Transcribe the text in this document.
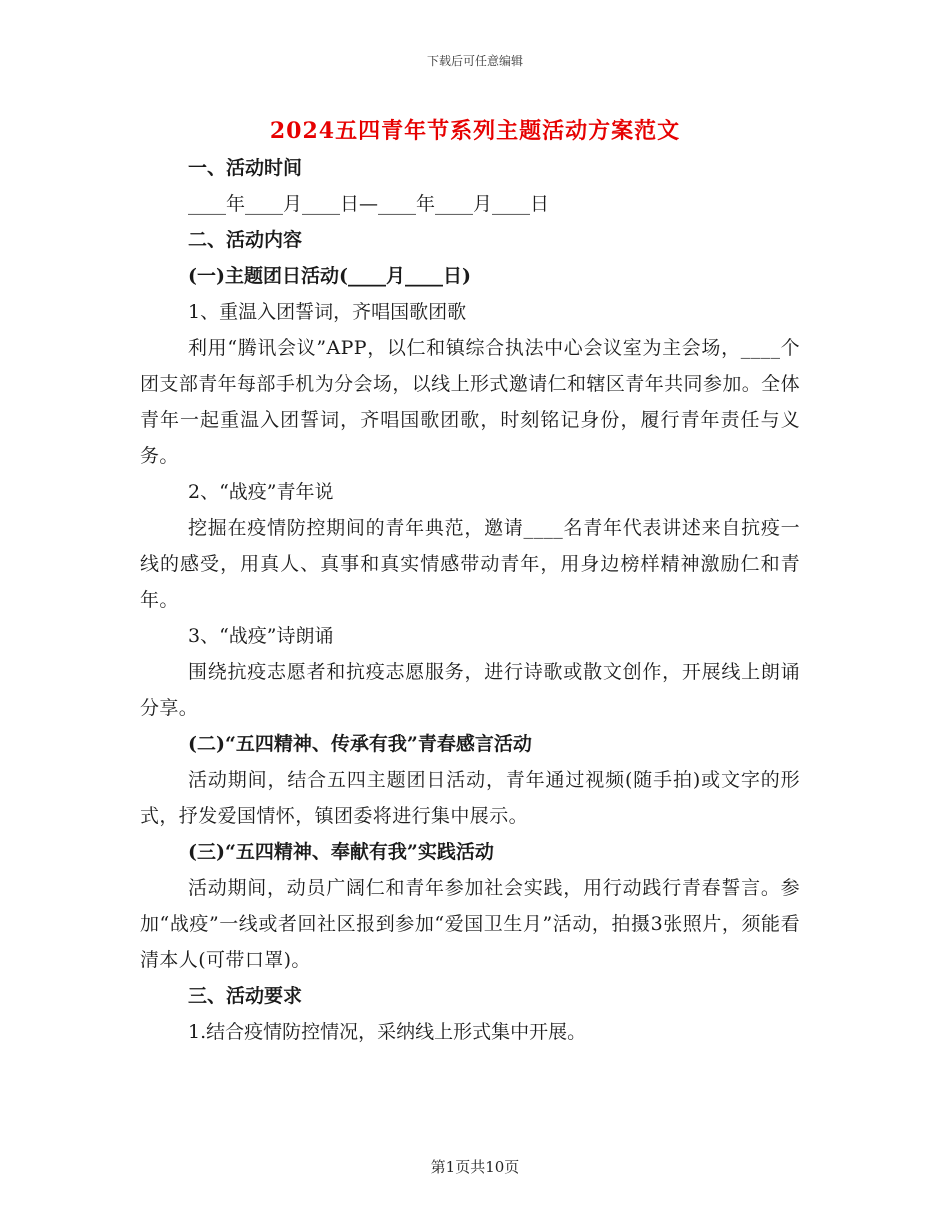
下载后可任意编辑
2024五四青年节系列主题活动方案范文
一、活动时间
____年____月____日—____年____月____日
二、活动内容
(一)主题团日活动(____月____日)
1、重温入团誓词，齐唱国歌团歌
利用“腾讯会议”APP，以仁和镇综合执法中心会议室为主会场，____个团支部青年每部手机为分会场，以线上形式邀请仁和辖区青年共同参加。全体青年一起重温入团誓词，齐唱国歌团歌，时刻铭记身份，履行青年责任与义务。
2、“战疫”青年说
挖掘在疫情防控期间的青年典范，邀请____名青年代表讲述来自抗疫一线的感受，用真人、真事和真实情感带动青年，用身边榜样精神激励仁和青年。
3、“战疫”诗朗诵
围绕抗疫志愿者和抗疫志愿服务，进行诗歌或散文创作，开展线上朗诵分享。
(二)“五四精神、传承有我”青春感言活动
活动期间，结合五四主题团日活动，青年通过视频(随手拍)或文字的形式，抒发爱国情怀，镇团委将进行集中展示。
(三)“五四精神、奉献有我”实践活动
活动期间，动员广阔仁和青年参加社会实践，用行动践行青春誓言。参加“战疫”一线或者回社区报到参加“爱国卫生月”活动，拍摄3张照片，须能看清本人(可带口罩)。
三、活动要求
1.结合疫情防控情况，采纳线上形式集中开展。
第1页共10页
